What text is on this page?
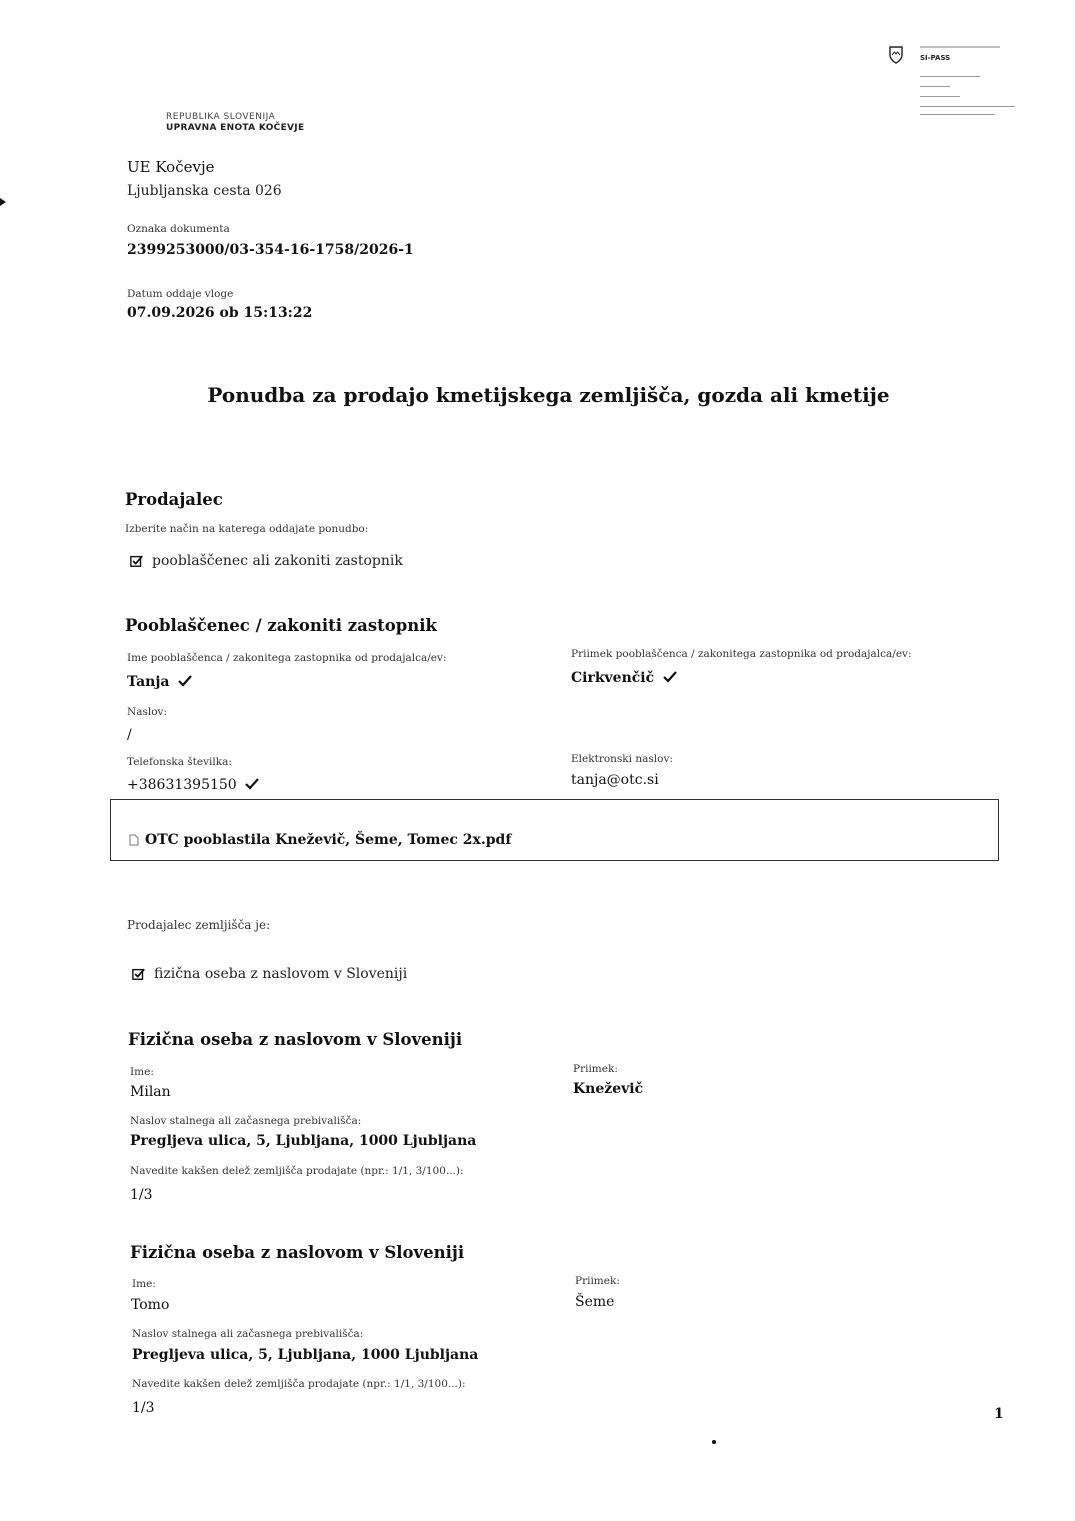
REPUBLIKA SLOVENIJA
UPRAVNA ENOTA KOČEVJE
SI-PASS
UE Kočevje
Ljubljanska cesta 026
Oznaka dokumenta
2399253000/03-354-16-1758/2026-1
Datum oddaje vloge
07.09.2026 ob 15:13:22
Ponudba za prodajo kmetijskega zemljišča, gozda ali kmetije
Prodajalec
Izberite način na katerega oddajate ponudbo:
pooblaščenec ali zakoniti zastopnik
Pooblaščenec / zakoniti zastopnik
Ime pooblaščenca / zakonitega zastopnika od prodajalca/ev:
Tanja
Priimek pooblaščenca / zakonitega zastopnika od prodajalca/ev:
Cirkvenčič
Naslov:
/
Telefonska številka:
+38631395150
Elektronski naslov:
tanja@otc.si
OTC pooblastila Kneževič, Šeme, Tomec 2x.pdf
Prodajalec zemljišča je:
fizična oseba z naslovom v Sloveniji
Fizična oseba z naslovom v Sloveniji
Ime:
Milan
Priimek:
Kneževič
Naslov stalnega ali začasnega prebivališča:
Pregljeva ulica, 5, Ljubljana, 1000 Ljubljana
Navedite kakšen delež zemljišča prodajate (npr.: 1/1, 3/100...):
1/3
Fizična oseba z naslovom v Sloveniji
Ime:
Tomo
Priimek:
Šeme
Naslov stalnega ali začasnega prebivališča:
Pregljeva ulica, 5, Ljubljana, 1000 Ljubljana
Navedite kakšen delež zemljišča prodajate (npr.: 1/1, 3/100...):
1/3	1
